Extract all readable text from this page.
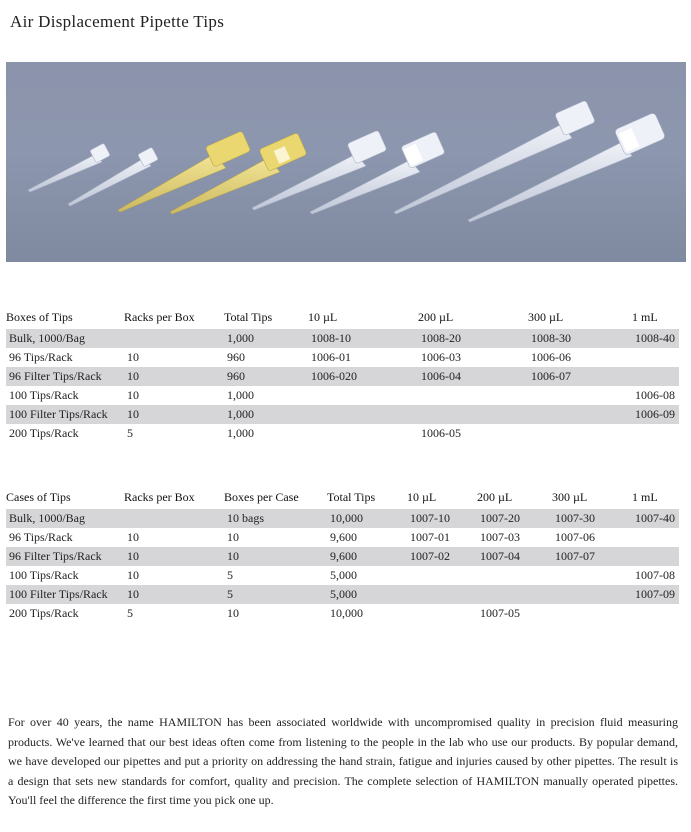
Air Displacement Pipette Tips
Boxes of Tips	Racks per Box	Total Tips	10 µL	200 µL	300 µL	1 mL
Bulk, 1000/Bag		1,000	1008-10	1008-20	1008-30	1008-40
96 Tips/Rack	10	960	1006-01	1006-03	1006-06	
96 Filter Tips/Rack	10	960	1006-020	1006-04	1006-07	
100 Tips/Rack	10	1,000				1006-08
100 Filter Tips/Rack	10	1,000				1006-09
200 Tips/Rack	5	1,000		1006-05		
Cases of Tips	Racks per Box	Boxes per Case	Total Tips	10 µL	200 µL	300 µL	1 mL
Bulk, 1000/Bag		10 bags	10,000	1007-10	1007-20	1007-30	1007-40
96 Tips/Rack	10	10	9,600	1007-01	1007-03	1007-06	
96 Filter Tips/Rack	10	10	9,600	1007-02	1007-04	1007-07	
100 Tips/Rack	10	5	5,000				1007-08
100 Filter Tips/Rack	10	5	5,000				1007-09
200 Tips/Rack	5	10	10,000		1007-05		

For over 40 years, the name HAMILTON has been associated worldwide with uncompromised quality in precision fluid measuring products. We've learned that our best ideas often come from listening to the people in the lab who use our products. By popular demand, we have developed our pipettes and put a priority on addressing the hand strain, fatigue and injuries caused by other pipettes. The result is a design that sets new standards for comfort, quality and precision. The complete selection of HAMILTON manually operated pipettes. You'll feel the difference the first time you pick one up.
